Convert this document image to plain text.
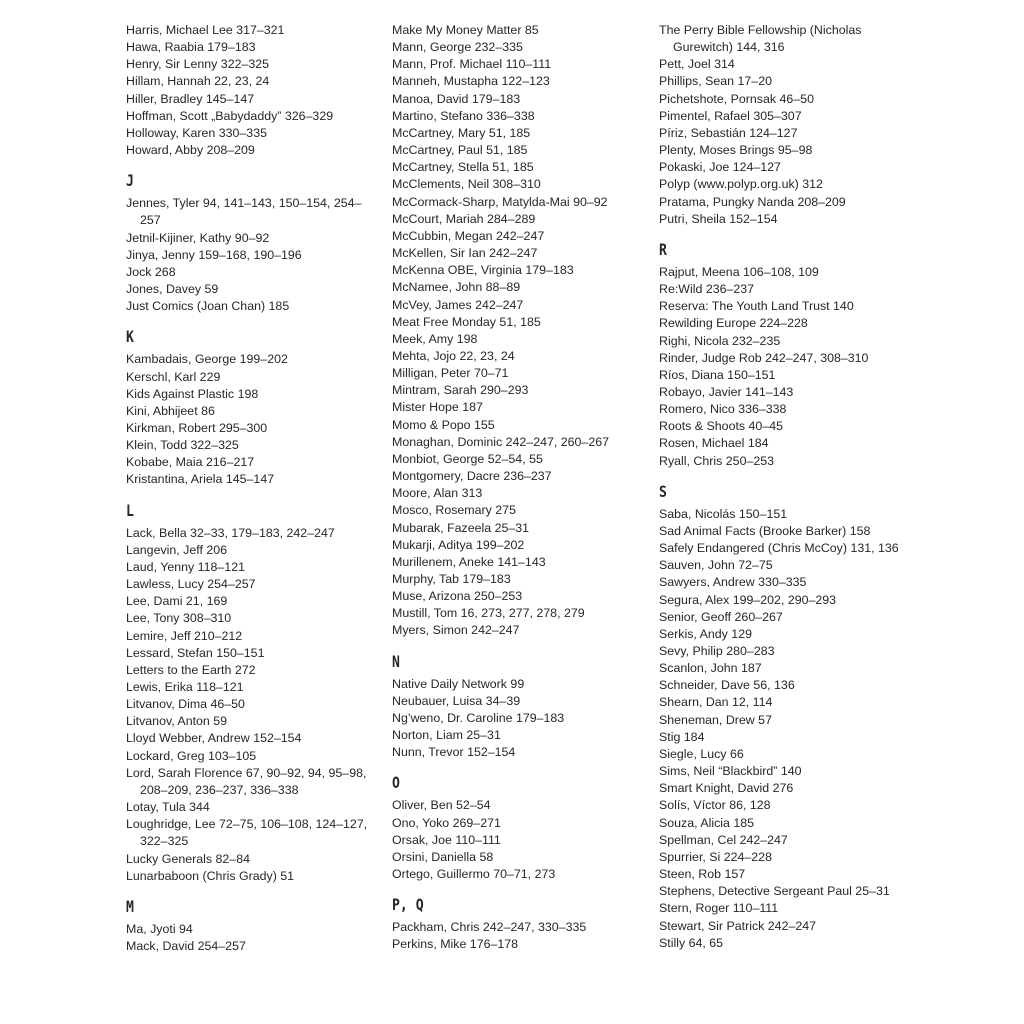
Harris, Michael Lee 317–321
Hawa, Raabia 179–183
Henry, Sir Lenny 322–325
Hillam, Hannah 22, 23, 24
Hiller, Bradley 145–147
Hoffman, Scott „Babydaddy” 326–329
Holloway, Karen 330–335
Howard, Abby 208–209
J
Jennes, Tyler 94, 141–143, 150–154, 254–257
Jetnil-Kijiner, Kathy 90–92
Jinya, Jenny 159–168, 190–196
Jock 268
Jones, Davey 59
Just Comics (Joan Chan) 185
K
Kambadais, George 199–202
Kerschl, Karl 229
Kids Against Plastic 198
Kini, Abhijeet 86
Kirkman, Robert 295–300
Klein, Todd 322–325
Kobabe, Maia 216–217
Kristantina, Ariela 145–147
L
Lack, Bella 32–33, 179–183, 242–247
Langevin, Jeff 206
Laud, Yenny 118–121
Lawless, Lucy 254–257
Lee, Dami 21, 169
Lee, Tony 308–310
Lemire, Jeff 210–212
Lessard, Stefan 150–151
Letters to the Earth 272
Lewis, Erika 118–121
Litvanov, Dima 46–50
Litvanov, Anton 59
Lloyd Webber, Andrew 152–154
Lockard, Greg 103–105
Lord, Sarah Florence 67, 90–92, 94, 95–98, 208–209, 236–237, 336–338
Lotay, Tula 344
Loughridge, Lee 72–75, 106–108, 124–127, 322–325
Lucky Generals 82–84
Lunarbaboon (Chris Grady) 51
M
Ma, Jyoti 94
Mack, David 254–257
Make My Money Matter 85
Mann, George 232–335
Mann, Prof. Michael 110–111
Manneh, Mustapha 122–123
Manoa, David 179–183
Martino, Stefano 336–338
McCartney, Mary 51, 185
McCartney, Paul 51, 185
McCartney, Stella 51, 185
McClements, Neil 308–310
McCormack-Sharp, Matylda-Mai 90–92
McCourt, Mariah 284–289
McCubbin, Megan 242–247
McKellen, Sir Ian 242–247
McKenna OBE, Virginia 179–183
McNamee, John 88–89
McVey, James 242–247
Meat Free Monday 51, 185
Meek, Amy 198
Mehta, Jojo 22, 23, 24
Milligan, Peter 70–71
Mintram, Sarah 290–293
Mister Hope 187
Momo & Popo 155
Monaghan, Dominic 242–247, 260–267
Monbiot, George 52–54, 55
Montgomery, Dacre 236–237
Moore, Alan 313
Mosco, Rosemary 275
Mubarak, Fazeela 25–31
Mukarji, Aditya 199–202
Murillenem, Aneke 141–143
Murphy, Tab 179–183
Muse, Arizona 250–253
Mustill, Tom 16, 273, 277, 278, 279
Myers, Simon 242–247
N
Native Daily Network 99
Neubauer, Luisa 34–39
Ng’weno, Dr. Caroline 179–183
Norton, Liam 25–31
Nunn, Trevor 152–154
O
Oliver, Ben 52–54
Ono, Yoko 269–271
Orsak, Joe 110–111
Orsini, Daniella 58
Ortego, Guillermo 70–71, 273
P, Q
Packham, Chris 242–247, 330–335
Perkins, Mike 176–178
The Perry Bible Fellowship (Nicholas Gurewitch) 144, 316
Pett, Joel 314
Phillips, Sean 17–20
Pichetshote, Pornsak 46–50
Pimentel, Rafael 305–307
Píriz, Sebastián 124–127
Plenty, Moses Brings 95–98
Pokaski, Joe 124–127
Polyp (www.polyp.org.uk) 312
Pratama, Pungky Nanda 208–209
Putri, Sheila 152–154
R
Rajput, Meena 106–108, 109
Re:Wild 236–237
Reserva: The Youth Land Trust 140
Rewilding Europe 224–228
Righi, Nicola 232–235
Rinder, Judge Rob 242–247, 308–310
Ríos, Diana 150–151
Robayo, Javier 141–143
Romero, Nico 336–338
Roots & Shoots 40–45
Rosen, Michael 184
Ryall, Chris 250–253
S
Saba, Nicolás 150–151
Sad Animal Facts (Brooke Barker) 158
Safely Endangered (Chris McCoy) 131, 136
Sauven, John 72–75
Sawyers, Andrew 330–335
Segura, Alex 199–202, 290–293
Senior, Geoff 260–267
Serkis, Andy 129
Sevy, Philip 280–283
Scanlon, John 187
Schneider, Dave 56, 136
Shearn, Dan 12, 114
Sheneman, Drew 57
Stig 184
Siegle, Lucy 66
Sims, Neil “Blackbird” 140
Smart Knight, David 276
Solís, Víctor 86, 128
Souza, Alicia 185
Spellman, Cel 242–247
Spurrier, Si 224–228
Steen, Rob 157
Stephens, Detective Sergeant Paul 25–31
Stern, Roger 110–111
Stewart, Sir Patrick 242–247
Stilly 64, 65
